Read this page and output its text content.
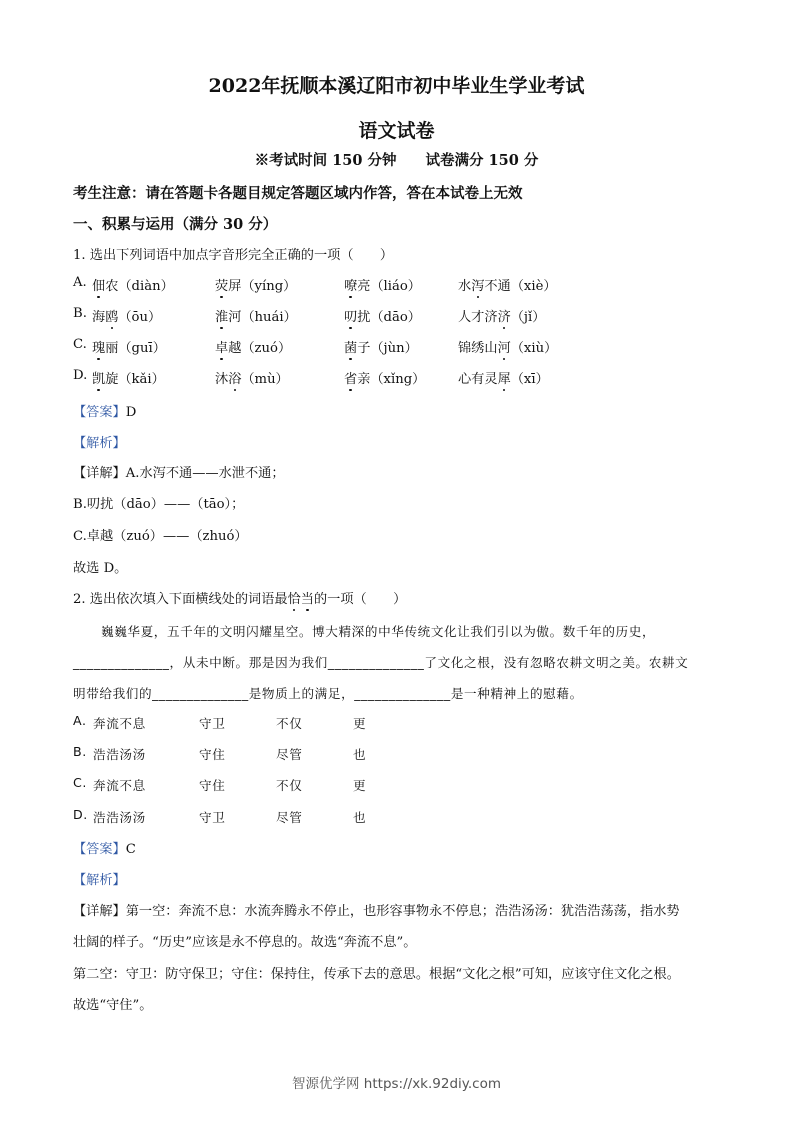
2022年抚顺本溪辽阳市初中毕业生学业考试
语文试卷
※考试时间 150 分钟　　试卷满分 150 分
考生注意：请在答题卡各题目规定答题区域内作答，答在本试卷上无效
一、积累与运用（满分 30 分）
1. 选出下列词语中加点字音形完全正确的一项（　　）
A. 佃农（diàn）	荧屏（yíng）	嘹亮（liáo）	水泻不通（xiè）
B. 海鸥（ōu）	淮河（huái）	叨扰（dāo）	人才济济（jǐ）
C. 瑰丽（guī）	卓越（zuó）	菌子（jùn）	锦绣山河（xiù）
D. 凯旋（kǎi）	沐浴（mù）	省亲（xǐng） 心有灵犀（xī）
【答案】D
【解析】
【详解】A.水泻不通——水泄不通；
B.叨扰（dāo）——（tāo）；
C.卓越（zuó）——（zhuó）
故选 D。
2. 选出依次填入下面横线处的词语最恰当的一项（　　）
巍巍华夏，五千年的文明闪耀星空。博大精深的中华传统文化让我们引以为傲。数千年的历史，
______________，从未中断。那是因为我们______________了文化之根，没有忽略农耕文明之美。农耕文
明带给我们的______________是物质上的满足，______________是一种精神上的慰藉。
A. 奔流不息	守卫	不仅	更
B. 浩浩汤汤	守住	尽管	也
C. 奔流不息	守住	不仅	更
D. 浩浩汤汤	守卫	尽管	也
【答案】C
【解析】
【详解】第一空：奔流不息：水流奔腾永不停止，也形容事物永不停息；浩浩汤汤：犹浩浩荡荡，指水势
壮阔的样子。“历史”应该是永不停息的。故选“奔流不息”。
第二空：守卫：防守保卫；守住：保持住，传承下去的意思。根据“文化之根”可知，应该守住文化之根。
故选“守住”。
智源优学网 https://xk.92diy.com
